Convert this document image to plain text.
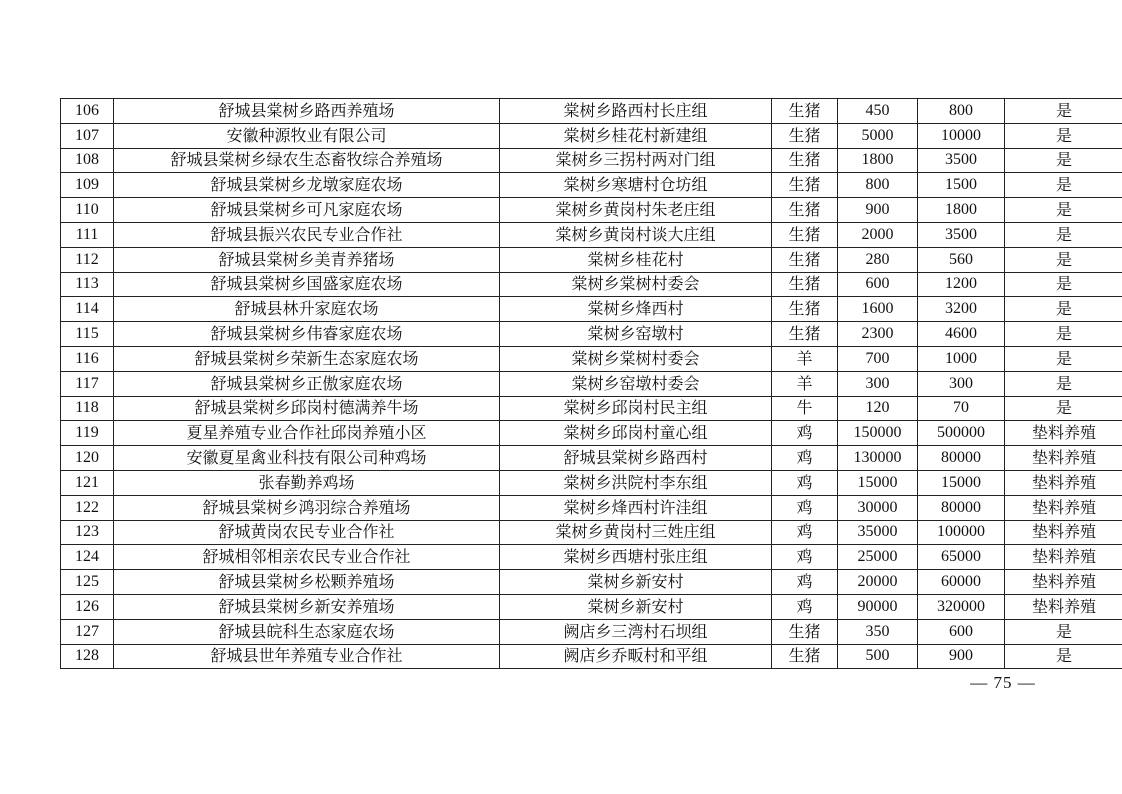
106	舒城县棠树乡路西养殖场	棠树乡路西村长庄组	生猪	450	800	是
107	安徽种源牧业有限公司	棠树乡桂花村新建组	生猪	5000	10000	是
108	舒城县棠树乡绿农生态畜牧综合养殖场	棠树乡三拐村两对门组	生猪	1800	3500	是
109	舒城县棠树乡龙墩家庭农场	棠树乡寒塘村仓坊组	生猪	800	1500	是
110	舒城县棠树乡可凡家庭农场	棠树乡黄岗村朱老庄组	生猪	900	1800	是
111	舒城县振兴农民专业合作社	棠树乡黄岗村谈大庄组	生猪	2000	3500	是
112	舒城县棠树乡美青养猪场	棠树乡桂花村	生猪	280	560	是
113	舒城县棠树乡国盛家庭农场	棠树乡棠树村委会	生猪	600	1200	是
114	舒城县林升家庭农场	棠树乡烽西村	生猪	1600	3200	是
115	舒城县棠树乡伟睿家庭农场	棠树乡窑墩村	生猪	2300	4600	是
116	舒城县棠树乡荣新生态家庭农场	棠树乡棠树村委会	羊	700	1000	是
117	舒城县棠树乡正傲家庭农场	棠树乡窑墩村委会	羊	300	300	是
118	舒城县棠树乡邱岗村德满养牛场	棠树乡邱岗村民主组	牛	120	70	是
119	夏星养殖专业合作社邱岗养殖小区	棠树乡邱岗村童心组	鸡	150000	500000	垫料养殖
120	安徽夏星禽业科技有限公司种鸡场	舒城县棠树乡路西村	鸡	130000	80000	垫料养殖
121	张春勤养鸡场	棠树乡洪院村李东组	鸡	15000	15000	垫料养殖
122	舒城县棠树乡鸿羽综合养殖场	棠树乡烽西村许洼组	鸡	30000	80000	垫料养殖
123	舒城黄岗农民专业合作社	棠树乡黄岗村三姓庄组	鸡	35000	100000	垫料养殖
124	舒城相邻相亲农民专业合作社	棠树乡西塘村张庄组	鸡	25000	65000	垫料养殖
125	舒城县棠树乡松颗养殖场	棠树乡新安村	鸡	20000	60000	垫料养殖
126	舒城县棠树乡新安养殖场	棠树乡新安村	鸡	90000	320000	垫料养殖
127	舒城县皖科生态家庭农场	阙店乡三湾村石坝组	生猪	350	600	是
128	舒城县世年养殖专业合作社	阙店乡乔畈村和平组	生猪	500	900	是
— 75 —
